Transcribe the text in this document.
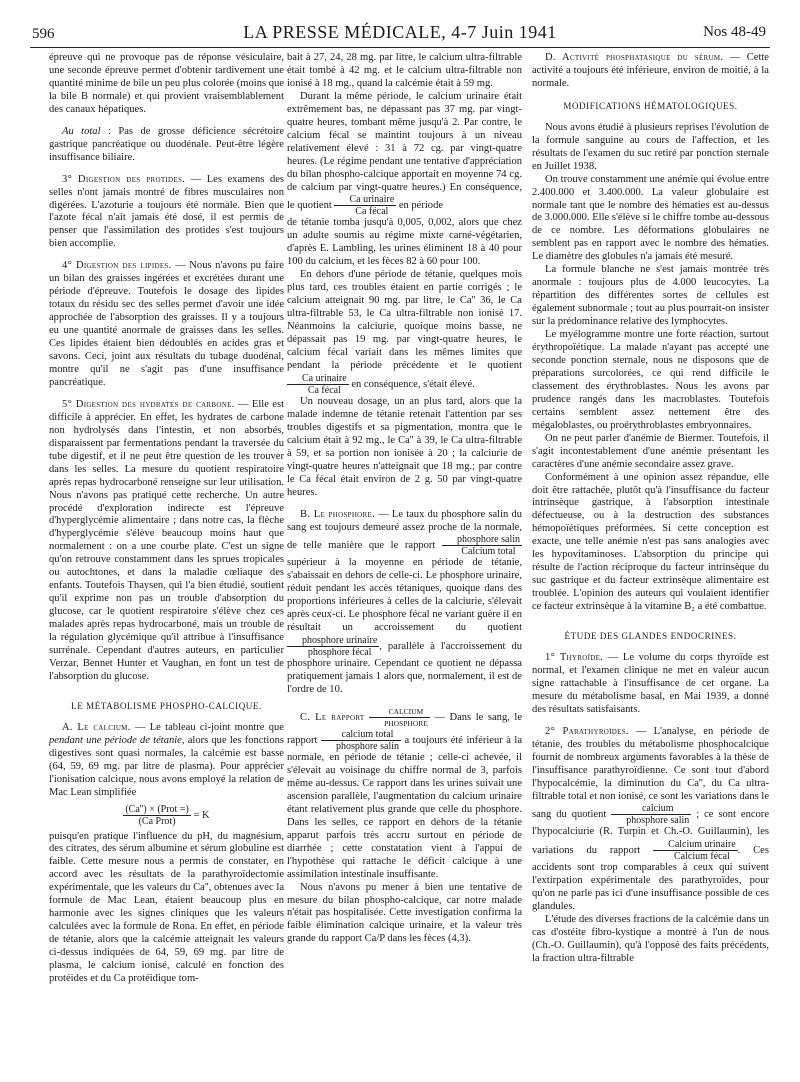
596	LA PRESSE MÉDICALE, 4-7 Juin 1941	Nos 48-49

épreuve qui ne provoque pas de réponse vésiculaire, une seconde épreuve permet d'obtenir tardivement une quantité minime de bile un peu plus colorée (moins que la bile B normale) et qui provient vraisemblablement des canaux hépatiques.

Au total : Pas de grosse déficience sécrétoire gastrique pancréatique ou duodénale. Peut-être légère insuffisance biliaire.

3° Digestion des protides. — Les examens des selles n'ont jamais montré de fibres musculaires non digérées. L'azoturie a toujours été normale. Bien que l'azote fécal n'ait jamais été dosé, il est permis de penser que l'assimilation des protides s'est toujours bien accomplie.

4° Digestion des lipides. — Nous n'avons pu faire un bilan des graisses ingérées et excrétées durant une période d'épreuve. Toutefois le dosage des lipides totaux du résidu sec des selles permet d'avoir une idée approchée de l'absorption des graisses. Il y a toujours eu une quantité anormale de graisses dans les selles. Ces lipides étaient bien dédoublés en acides gras et savons. Ceci, joint aux résultats du tubage duodénal, montre qu'il ne s'agit pas d'une insuffisance pancréatique.

5° Digestion des hydrates de carbone. — Elle est difficile à apprécier. En effet, les hydrates de carbone non hydrolysés dans l'intestin, et non absorbés, disparaissent par fermentations pendant la traversée du tube digestif, et il ne peut être question de les trouver dans les selles. La mesure du quotient respiratoire après repas hydrocarboné renseigne sur leur utilisation. Nous n'avons pas pratiqué cette recherche. Un autre procédé d'exploration indirecte est l'épreuve d'hyperglycémie alimentaire ; dans notre cas, la flèche d'hyperglycémie s'élève beaucoup moins haut que normalement : on a une courbe plate. C'est un signe qu'on retrouve constamment dans les sprues tropicales ou autochtones, et dans la maladie cœliaque des enfants. Toutefois Thaysen, qui l'a bien étudié, soutient qu'il exprime non pas un trouble d'absorption du glucose, car le quotient respiratoire s'élève chez ces malades après repas hydrocarboné, mais un trouble de la régulation glycémique qu'il attribue à l'insuffisance surrénale. Cependant d'autres auteurs, en particulier Verzar, Bennet Hunter et Vaughan, en font un test de l'absorption du glucose.

LE MÉTABOLISME PHOSPHO-CALCIQUE.

A. Le calcium. — Le tableau ci-joint montre que pendant une période de tétanie, alors que les fonctions digestives sont quasi normales, la calcémie est basse (64, 59, 69 mg. par litre de plasma). Pour apprécier l'ionisation calcique, nous avons employé la relation de Mac Lean simplifiée

$\frac{\text{(Ca'') × (Prot =)}}{\text{(Ca Prot)}} = K$

puisqu'en pratique l'influence du pH, du magnésium, des citrates, des sérum albumine et sérum globuline est faible. Cette mesure nous a permis de constater, en accord avec les résultats de la parathyroïdectomie expérimentale, que les valeurs du Ca'', obtenues avec la formule de Mac Lean, étaient beaucoup plus en harmonie avec les signes cliniques que les valeurs calculées avec la formule de Rona. En effet, en période de tétanie, alors que la calcémie atteignait les valeurs ci-dessus indiquées de 64, 59, 69 mg. par litre de plasma, le calcium ionisé, calculé en fonction des protéides et du Ca protéidique tom-

bait à 27, 24, 28 mg. par litre, le calcium ultra-filtrable était tombé à 42 mg. et le calcium ultra-filtrable non ionisé à 18 mg., quand la calcémie était à 59 mg.

Durant la même période, le calcium urinaire était extrêmement bas, ne dépassant pas 37 mg. par vingt-quatre heures, tombant même jusqu'à 2. Par contre, le calcium fécal se maintint toujours à un niveau relativement élevé : 31 à 72 cg. par vingt-quatre heures. (Le régime pendant une tentative d'appréciation du bilan phospho-calcique apportait en moyenne 74 cg. de calcium par vingt-quatre heures.) En conséquence, le quotient $\frac{\text{Ca urinaire}}{\text{Ca fécal}}$ en période

de tétanie tomba jusqu'à 0,005, 0,002, alors que chez un adulte soumis au régime mixte carné-végétarien, d'après E. Lambling, les urines éliminent 18 à 40 pour 100 du calcium, et les fèces 82 à 60 pour 100.

En dehors d'une période de tétanie, quelques mois plus tard, ces troubles étaient en partie corrigés ; le calcium atteignait 90 mg. par litre, le Ca'' 36, le Ca ultra-filtrable 53, le Ca ultra-filtrable non ionisé 17. Néanmoins la calciurie, quoique moins basse, ne dépassait pas 19 mg. par vingt-quatre heures, le calcium fécal variait dans les mêmes limites que pendant la période précédente et le quotient
$\frac{\text{Ca urinaire}}{\text{Ca fécal}}$ en conséquence, s'était élevé.

Un nouveau dosage, un an plus tard, alors que la malade indemne de tétanie retenait l'attention par ses troubles digestifs et sa pigmentation, montra que le calcium était à 92 mg., le Ca'' à 39, le Ca ultra-filtrable à 59, et sa portion non ionisée à 20 ; la calciurie de vingt-quatre heures n'atteignait que 18 mg.; par contre le Ca fécal était environ de 2 g. 50 par vingt-quatre heures.

B. Le phosphore. — Le taux du phosphore salin du sang est toujours demeuré assez proche de la normale, de telle manière que le rapport $\frac{\text{phosphore salin}}{\text{Calcium total}}$
supérieur à la moyenne en période de tétanie, s'abaissait en dehors de celle-ci. Le phosphore urinaire, réduit pendant les accès tétaniques, quoique dans des proportions inférieures à celles de la calciurie, s'élevait après ceux-ci. Le phosphore fécal ne variant guère il en résultait un accroissement du quotient
$\frac{\text{phosphore urinaire}}{\text{phosphore fécal}}$ , parallèle à l'accroissement du phosphore urinaire. Cependant ce quotient ne dépassa pratiquement jamais 1 alors que, normalement, il est de l'ordre de 10.

C. Le rapport $\frac{\text{CALCIUM}}{\text{PHOSPHORE}}$ — Dans le sang, le rapport $\frac{\text{calcium total}}{\text{phosphore salin}}$ a toujours été inférieur à la normale, en période de tétanie ; celle-ci achevée, il s'élevait au voisinage du chiffre normal de 3, parfois même au-dessus. Ce rapport dans les urines suivait une ascension parallèle, l'augmentation du calcium urinaire étant relativement plus grande que celle du phosphore. Dans les selles, ce rapport en dehors de la tétanie apparut parfois très accru surtout en période de diarrhée ; cette constatation vient à l'appui de l'hypothèse qui rattache le déficit calcique à une assimilation intestinale insuffisante.

Nous n'avons pu mener à bien une tentative de mesure du bilan phospho-calcique, car notre malade n'était pas hospitalisée. Cette investigation confirma la faible élimination calcique urinaire, et la valeur très grande du rapport Ca/P dans les fèces (4,3).

D. Activité phosphatasique du sérum. — Cette activité a toujours été inférieure, environ de moitié, à la normale.

MODIFICATIONS HÉMATOLOGIQUES.

Nous avons étudié à plusieurs reprises l'évolution de la formule sanguine au cours de l'affection, et les résultats de l'examen du suc retiré par ponction sternale en Juillet 1938.

On trouve constamment une anémie qui évolue entre 2.400.000 et 3.400.000. La valeur globulaire est normale tant que le nombre des hématies est au-dessus de 3.000.000. Elle s'élève si le chiffre tombe au-dessous de ce nombre. Les déformations globulaires ne semblent pas en rapport avec le nombre des hématies. Le diamètre des globules n'a jamais été mesuré.

La formule blanche ne s'est jamais montrée très anormale : toujours plus de 4.000 leucocytes. La répartition des différentes sortes de cellules est également subnormale ; tout au plus pourrait-on insister sur la prédominance relative des lymphocytes.

Le myélogramme montre une forte réaction, surtout érythropoïétique. La malade n'ayant pas accepté une seconde ponction sternale, nous ne disposons que de préparations surcolorées, ce qui rend difficile le classement des érythroblastes. Nous les avons par prudence rangés dans les macroblastes. Toutefois certains semblent assez nettement être des mégaloblastes, ou proérythroblastes embryonnaires.

On ne peut parler d'anémie de Biermer. Toutefois, il s'agit incontestablement d'une anémie présentant les caractères d'une anémie secondaire assez grave.

Conformément à une opinion assez répandue, elle doit être rattachée, plutôt qu'à l'insuffisance du facteur intrinsèque gastrique, à l'absorption intestinale défectueuse, ou à la destruction des substances hémopoïétiques préformées. Si cette conception est exacte, une telle anémie n'est pas sans analogies avec les hypovitaminoses. L'absorption du principe qui résulte de l'action réciproque du facteur intrinsèque du suc gastrique et du facteur extrinsèque alimentaire est troublée. L'opinion des auteurs qui voulaient identifier ce facteur extrinsèque à la vitamine B₂ a été combattue.

ÉTUDE DES GLANDES ENDOCRINES.

1° Thyroïde. — Le volume du corps thyroïde est normal, et l'examen clinique ne met en valeur aucun signe rattachable à l'insuffisance de cet organe. La mesure du métabolisme basal, en Mai 1939, a donné des résultats satisfaisants.

2° Parathyroïdes. — L'analyse, en période de tétanie, des troubles du métabolisme phosphocalcique fournit de nombreux arguments favorables à la thèse de l'insuffisance parathyroïdienne. Ce sont tout d'abord l'hypocalcémie, la diminution du Ca'', du Ca ultra-filtrable total et non ionisé, ce sont les variations dans le sang du quotient $\frac{\text{calcium}}{\text{phosphore salin}}$ ; ce sont encore l'hypocalciurie (R. Turpin et Ch.-O. Guillaumin), les variations du rapport $\frac{\text{Calcium urinaire}}{\text{Calcium fécal}}$ . Ces accidents sont trop comparables à ceux qui suivent l'extirpation expérimentale des parathyroïdes, pour qu'on ne parle pas ici d'une insuffisance possible de ces glandules.

L'étude des diverses fractions de la calcémie dans un cas d'ostéite fibro-kystique a montré à l'un de nous (Ch.-O. Guillaumin), qu'à l'opposé des faits précédents, la fraction ultra-filtrable
